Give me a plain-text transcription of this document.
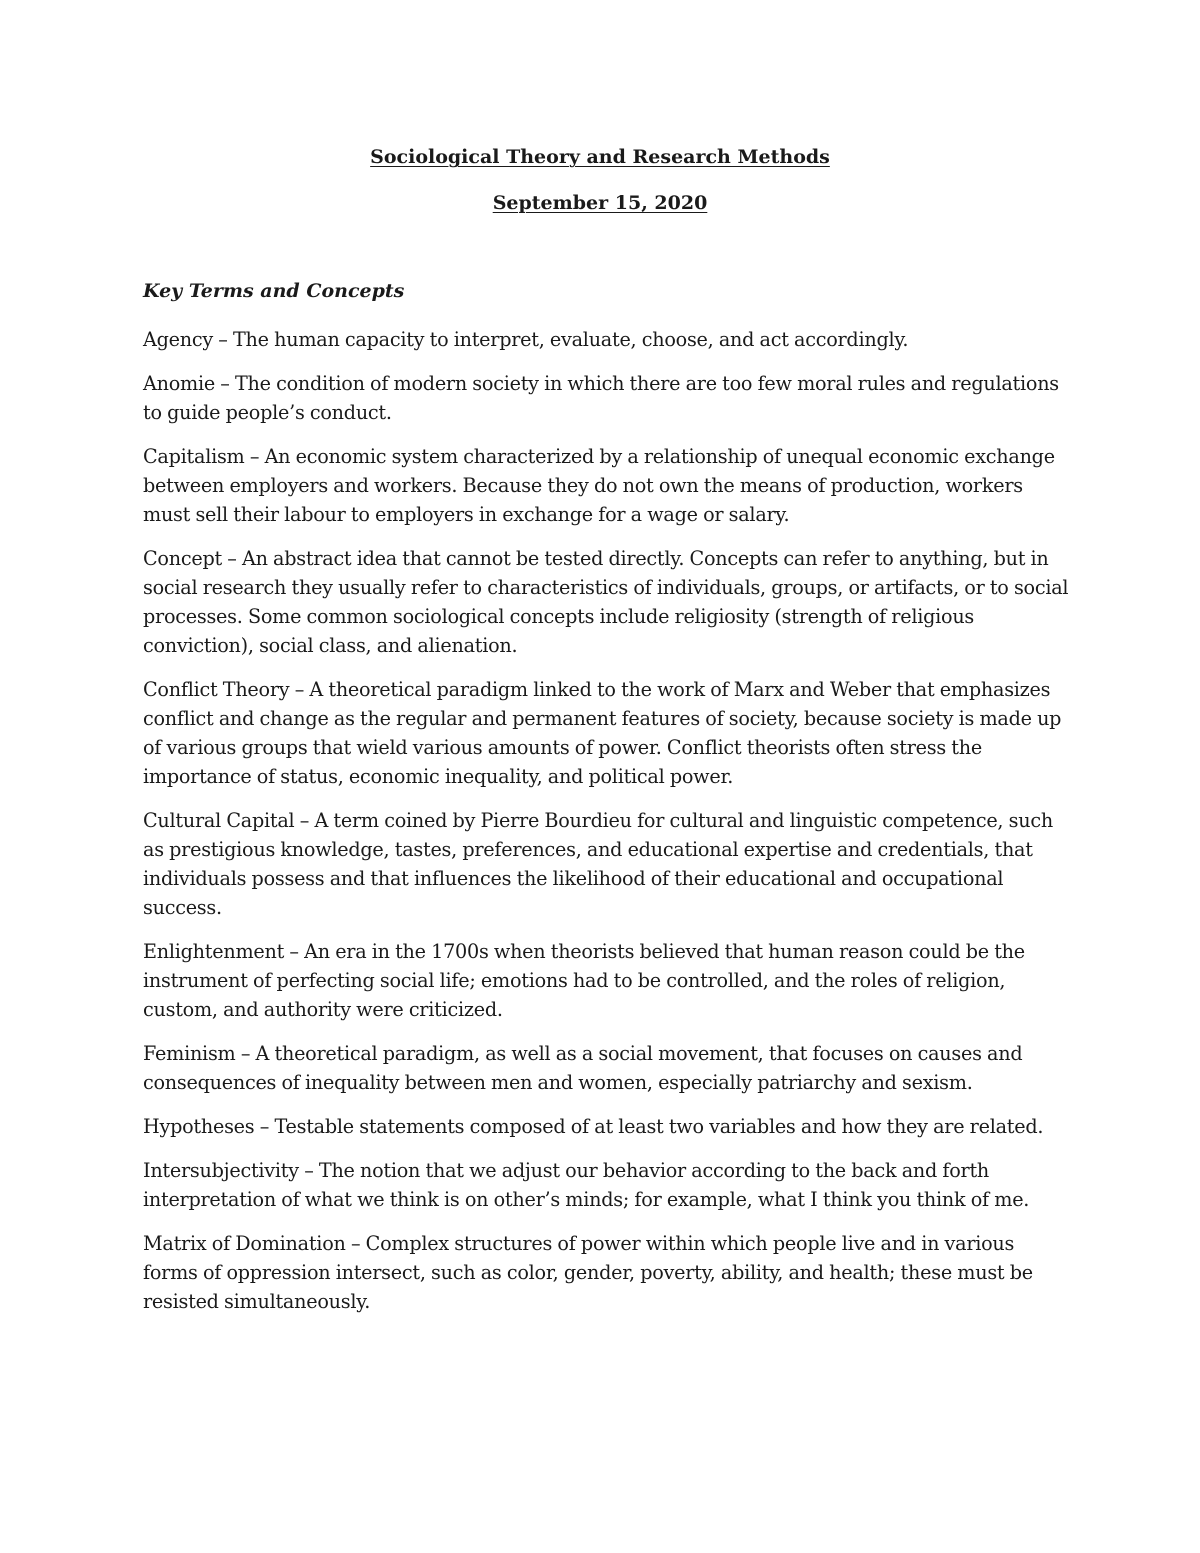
Sociological Theory and Research Methods
September 15, 2020
Key Terms and Concepts

Agency – The human capacity to interpret, evaluate, choose, and act accordingly.

Anomie – The condition of modern society in which there are too few moral rules and regulations to guide people’s conduct.

Capitalism – An economic system characterized by a relationship of unequal economic exchange between employers and workers. Because they do not own the means of production, workers must sell their labour to employers in exchange for a wage or salary.

Concept – An abstract idea that cannot be tested directly. Concepts can refer to anything, but in social research they usually refer to characteristics of individuals, groups, or artifacts, or to social processes. Some common sociological concepts include religiosity (strength of religious conviction), social class, and alienation.

Conflict Theory – A theoretical paradigm linked to the work of Marx and Weber that emphasizes conflict and change as the regular and permanent features of society, because society is made up of various groups that wield various amounts of power. Conflict theorists often stress the importance of status, economic inequality, and political power.

Cultural Capital – A term coined by Pierre Bourdieu for cultural and linguistic competence, such as prestigious knowledge, tastes, preferences, and educational expertise and credentials, that individuals possess and that influences the likelihood of their educational and occupational success.

Enlightenment – An era in the 1700s when theorists believed that human reason could be the instrument of perfecting social life; emotions had to be controlled, and the roles of religion, custom, and authority were criticized.

Feminism – A theoretical paradigm, as well as a social movement, that focuses on causes and consequences of inequality between men and women, especially patriarchy and sexism.

Hypotheses – Testable statements composed of at least two variables and how they are related.

Intersubjectivity – The notion that we adjust our behavior according to the back and forth interpretation of what we think is on other’s minds; for example, what I think you think of me.

Matrix of Domination – Complex structures of power within which people live and in various forms of oppression intersect, such as color, gender, poverty, ability, and health; these must be resisted simultaneously.
